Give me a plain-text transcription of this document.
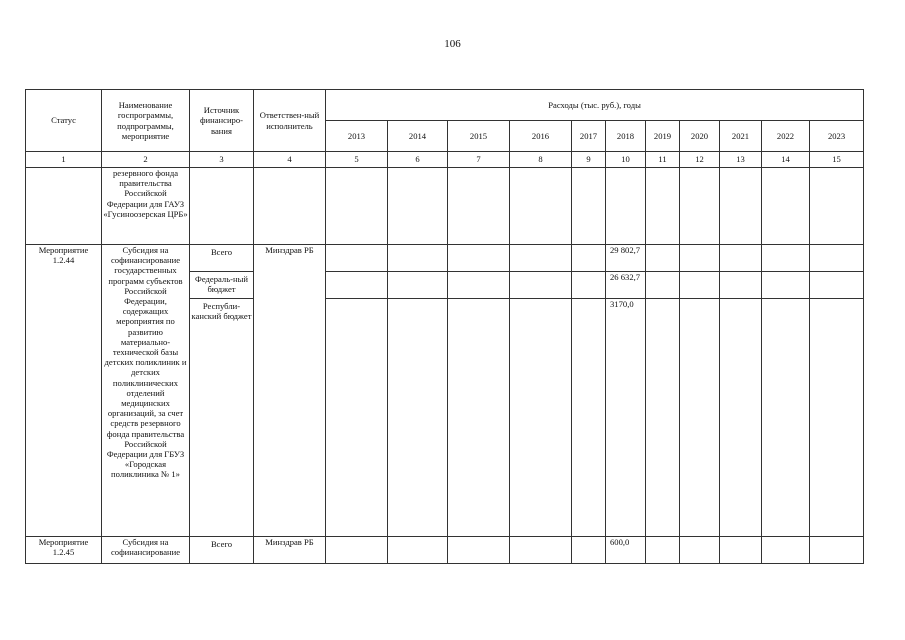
106
Статус	Наименование госпрограммы, подпрограммы, мероприятие	Источник финансиро-вания	Ответствен-ный исполнитель	Расходы (тыс. руб.), годы										
				2013	2014	2015	2016	2017	2018	2019	2020	2021	2022	2023
1	2	3	4	5	6	7	8	9	10	11	12	13	14	15
	резервного фонда правительства Российской Федерации для ГАУЗ «Гусиноозерская ЦРБ»													
Мероприятие 1.2.44	Субсидия на софинансирование государственных программ субъектов Российской Федерации, содержащих мероприятия по развитию материально-технической базы детских поликлиник и детских поликлинических отделений медицинских организаций, за счет средств резервного фонда правительства Российской Федерации для ГБУЗ «Городская поликлиника № 1»	Всего	Минздрав РБ						29 802,7					
		Федераль-ный бюджет							26 632,7					
		Республи-канский бюджет							3170,0					
Мероприятие 1.2.45	Субсидия на софинансирование	Всего	Минздрав РБ						600,0					
